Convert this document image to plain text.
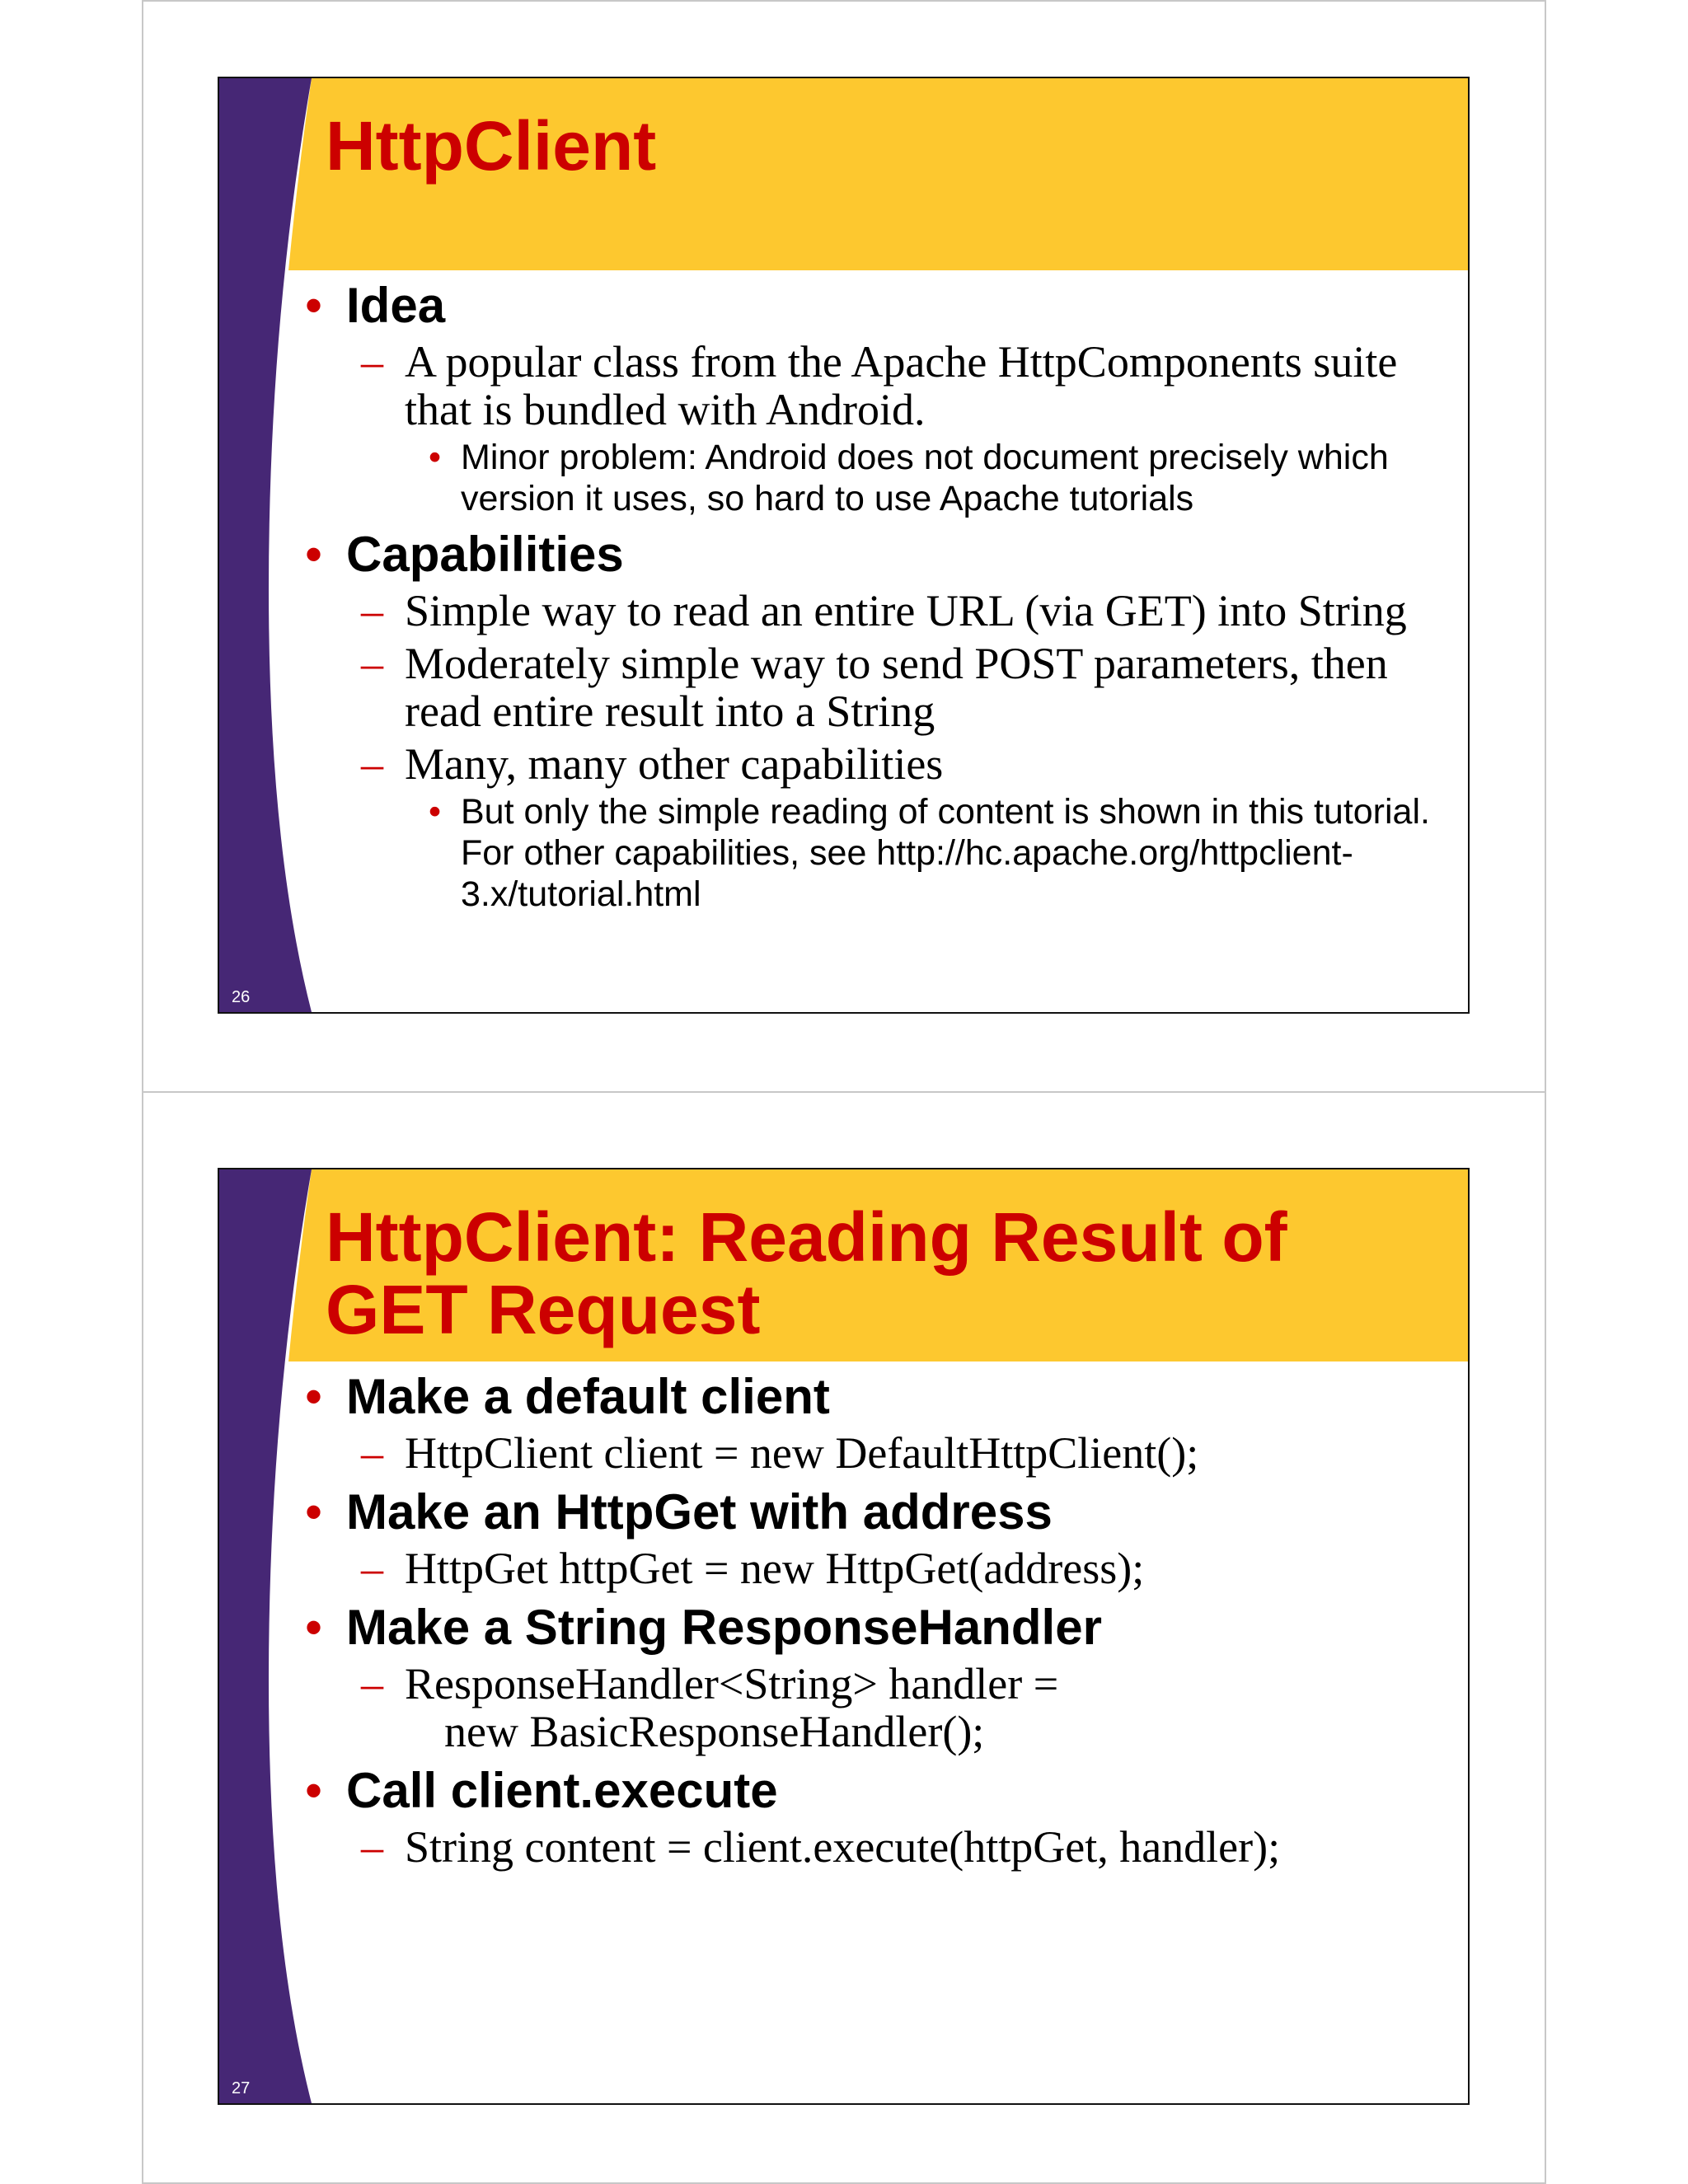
HttpClient
• Idea
– A popular class from the Apache HttpComponents suite that is bundled with Android.
• Minor problem: Android does not document precisely which version it uses, so hard to use Apache tutorials
• Capabilities
– Simple way to read an entire URL (via GET) into String
– Moderately simple way to send POST parameters, then read entire result into a String
– Many, many other capabilities
• But only the simple reading of content is shown in this tutorial. For other capabilities, see http://hc.apache.org/httpclient-3.x/tutorial.html
26
HttpClient: Reading Result of GET Request
• Make a default client
– HttpClient client = new DefaultHttpClient();
• Make an HttpGet with address
– HttpGet httpGet = new HttpGet(address);
• Make a String ResponseHandler
– ResponseHandler<String> handler =
new BasicResponseHandler();
• Call client.execute
– String content = client.execute(httpGet, handler);
27
